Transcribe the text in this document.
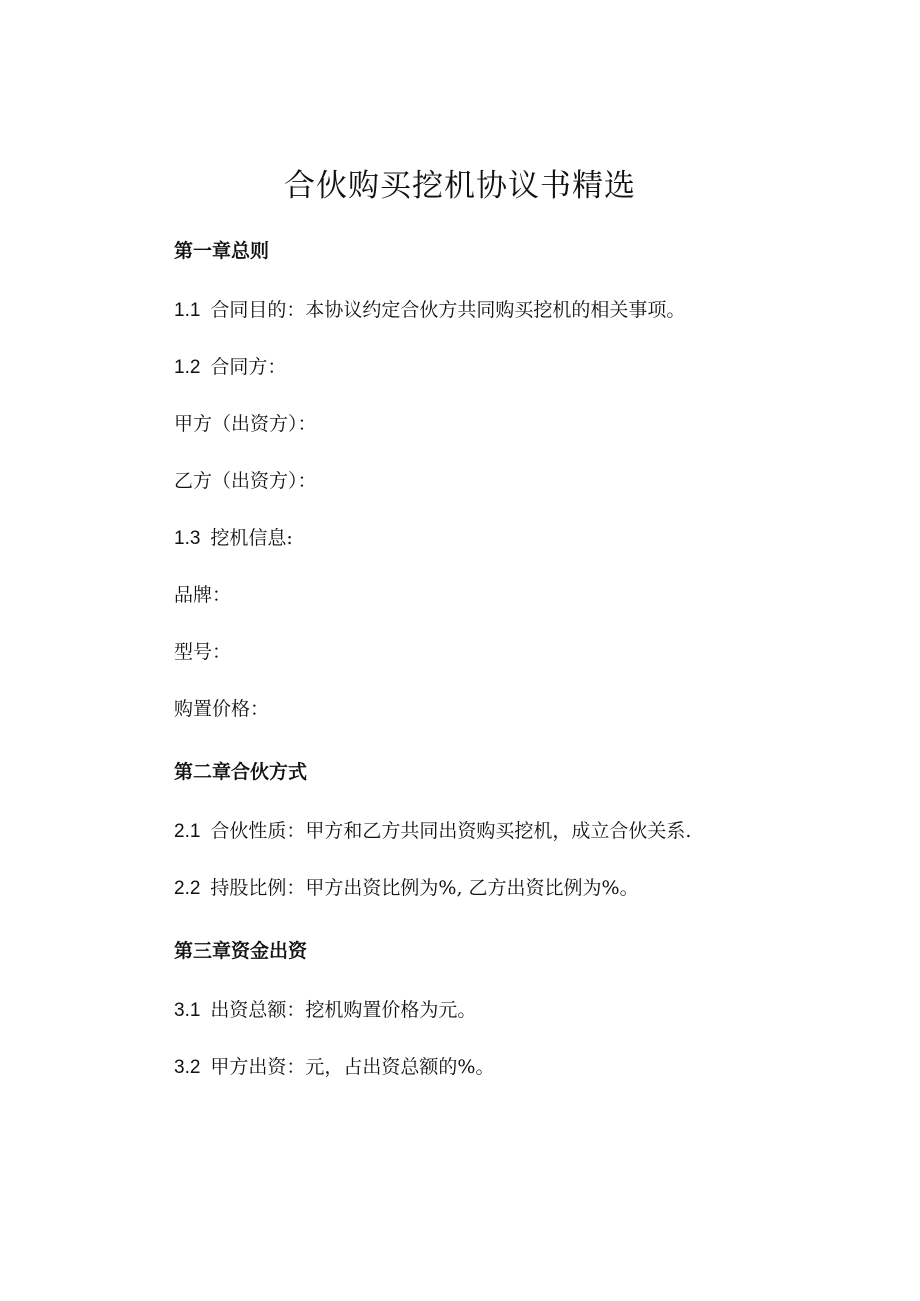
合伙购买挖机协议书精选
第一章总则
1.1 合同目的：本协议约定合伙方共同购买挖机的相关事项。
1.2 合同方：
甲方（出资方）：
乙方（出资方）：
1.3 挖机信息:
品牌：
型号：
购置价格：
第二章合伙方式
2.1 合伙性质：甲方和乙方共同出资购买挖机，成立合伙关系.
2.2 持股比例：甲方出资比例为%, 乙方出资比例为%。
第三章资金出资
3.1 出资总额：挖机购置价格为元。
3.2 甲方出资：元，占出资总额的%。
